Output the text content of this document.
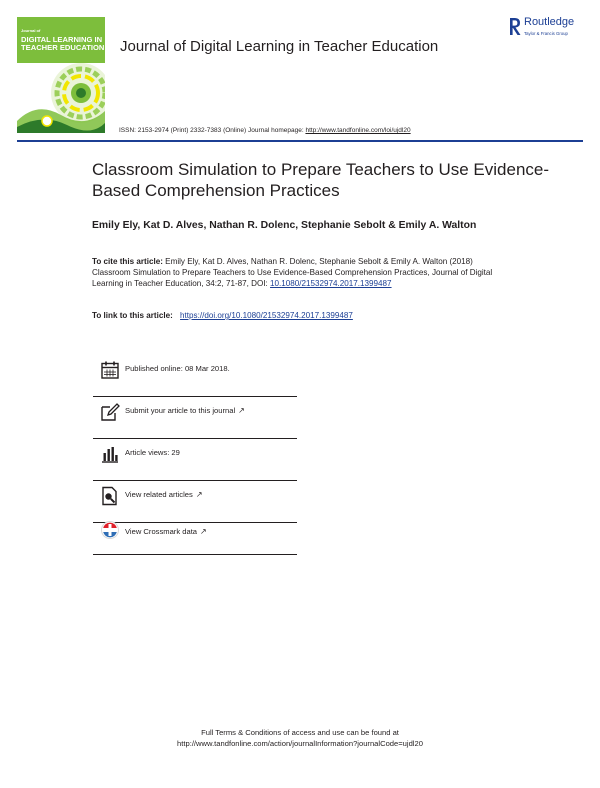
Journal of
DIGITAL LEARNING IN
TEACHER EDUCATION Journal of Digital Learning in Teacher Education
Routledge
Taylor & Francis Group
ISSN: 2153-2974 (Print) 2332-7383 (Online) Journal homepage: http://www.tandfonline.com/loi/ujdl20
Classroom Simulation to Prepare Teachers to Use Evidence-Based Comprehension Practices
Emily Ely, Kat D. Alves, Nathan R. Dolenc, Stephanie Sebolt & Emily A. Walton
To cite this article: Emily Ely, Kat D. Alves, Nathan R. Dolenc, Stephanie Sebolt & Emily A. Walton (2018) Classroom Simulation to Prepare Teachers to Use Evidence-Based Comprehension Practices, Journal of Digital Learning in Teacher Education, 34:2, 71-87, DOI: 10.1080/21532974.2017.1399487
To link to this article: https://doi.org/10.1080/21532974.2017.1399487
Published online: 08 Mar 2018.
Submit your article to this journal ↗
Article views: 29
View related articles ↗
View Crossmark data ↗
Full Terms & Conditions of access and use can be found at
http://www.tandfonline.com/action/journalInformation?journalCode=ujdl20
